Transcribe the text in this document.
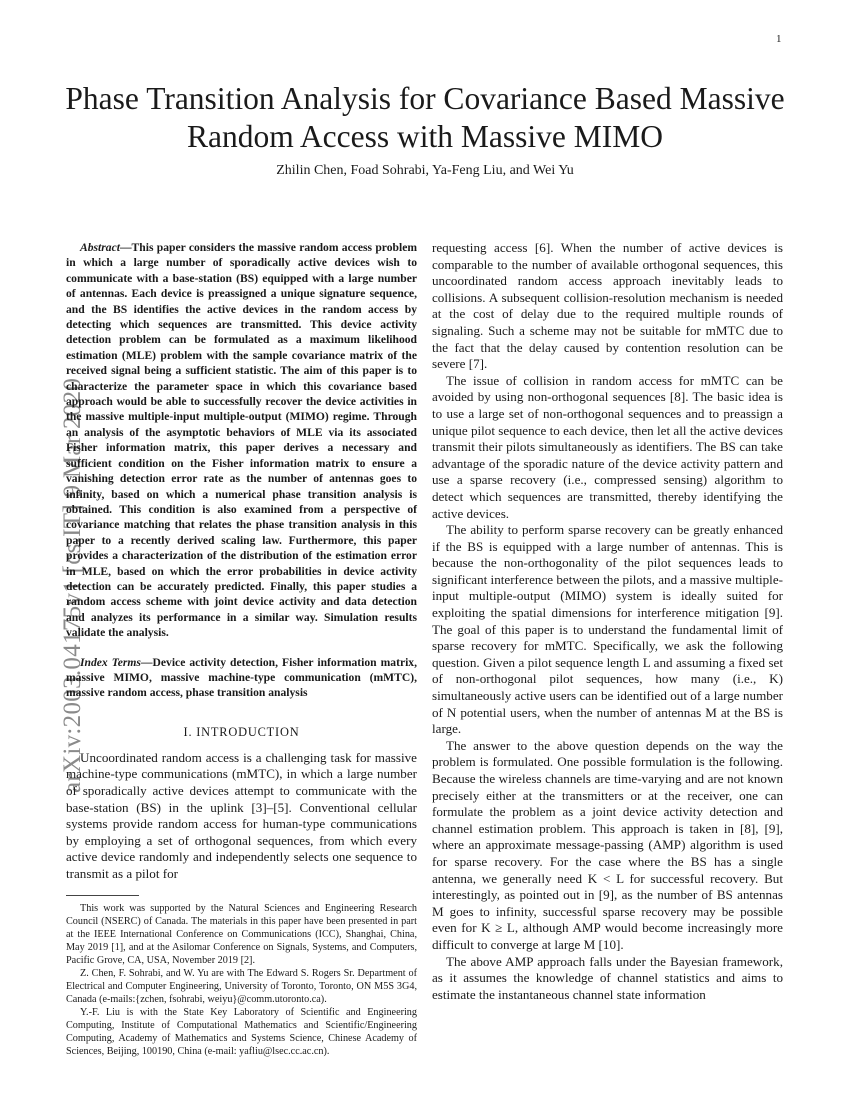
1
arXiv:2003.04175v1 [cs.IT] 9 Mar 2020
Phase Transition Analysis for Covariance Based Massive Random Access with Massive MIMO
Zhilin Chen, Foad Sohrabi, Ya-Feng Liu, and Wei Yu

Abstract—This paper considers the massive random access problem in which a large number of sporadically active devices wish to communicate with a base-station (BS) equipped with a large number of antennas. Each device is preassigned a unique signature sequence, and the BS identifies the active devices in the random access by detecting which sequences are transmitted. This device activity detection problem can be formulated as a maximum likelihood estimation (MLE) problem with the sample covariance matrix of the received signal being a sufficient statistic. The aim of this paper is to characterize the parameter space in which this covariance based approach would be able to successfully recover the device activities in the massive multiple-input multiple-output (MIMO) regime. Through an analysis of the asymptotic behaviors of MLE via its associated Fisher information matrix, this paper derives a necessary and sufficient condition on the Fisher information matrix to ensure a vanishing detection error rate as the number of antennas goes to infinity, based on which a numerical phase transition analysis is obtained. This condition is also examined from a perspective of covariance matching that relates the phase transition analysis in this paper to a recently derived scaling law. Furthermore, this paper provides a characterization of the distribution of the estimation error in MLE, based on which the error probabilities in device activity detection can be accurately predicted. Finally, this paper studies a random access scheme with joint device activity and data detection and analyzes its performance in a similar way. Simulation results validate the analysis.

Index Terms—Device activity detection, Fisher information matrix, massive MIMO, massive machine-type communication (mMTC), massive random access, phase transition analysis

I. INTRODUCTION

Uncoordinated random access is a challenging task for massive machine-type communications (mMTC), in which a large number of sporadically active devices attempt to communicate with the base-station (BS) in the uplink [3]–[5]. Conventional cellular systems provide random access for human-type communications by employing a set of orthogonal sequences, from which every active device randomly and independently selects one sequence to transmit as a pilot for

This work was supported by the Natural Sciences and Engineering Research Council (NSERC) of Canada. The materials in this paper have been presented in part at the IEEE International Conference on Communications (ICC), Shanghai, China, May 2019 [1], and at the Asilomar Conference on Signals, Systems, and Computers, Pacific Grove, CA, USA, November 2019 [2].

Z. Chen, F. Sohrabi, and W. Yu are with The Edward S. Rogers Sr. Department of Electrical and Computer Engineering, University of Toronto, Toronto, ON M5S 3G4, Canada (e-mails:{zchen, fsohrabi, weiyu}@comm.utoronto.ca).

Y.-F. Liu is with the State Key Laboratory of Scientific and Engineering Computing, Institute of Computational Mathematics and Scientific/Engineering Computing, Academy of Mathematics and Systems Science, Chinese Academy of Sciences, Beijing, 100190, China (e-mail: yafliu@lsec.cc.ac.cn).

requesting access [6]. When the number of active devices is comparable to the number of available orthogonal sequences, this uncoordinated random access approach inevitably leads to collisions. A subsequent collision-resolution mechanism is needed at the cost of delay due to the required multiple rounds of signaling. Such a scheme may not be suitable for mMTC due to the fact that the delay caused by contention resolution can be severe [7].

The issue of collision in random access for mMTC can be avoided by using non-orthogonal sequences [8]. The basic idea is to use a large set of non-orthogonal sequences and to preassign a unique pilot sequence to each device, then let all the active devices transmit their pilots simultaneously as identifiers. The BS can take advantage of the sporadic nature of the device activity pattern and use a sparse recovery (i.e., compressed sensing) algorithm to detect which sequences are transmitted, thereby identifying the active devices.

The ability to perform sparse recovery can be greatly enhanced if the BS is equipped with a large number of antennas. This is because the non-orthogonality of the pilot sequences leads to significant interference between the pilots, and a massive multiple-input multiple-output (MIMO) system is ideally suited for exploiting the spatial dimensions for interference mitigation [9]. The goal of this paper is to understand the fundamental limit of sparse recovery for mMTC. Specifically, we ask the following question. Given a pilot sequence length L and assuming a fixed set of non-orthogonal pilot sequences, how many (i.e., K) simultaneously active users can be identified out of a large number of N potential users, when the number of antennas M at the BS is large.

The answer to the above question depends on the way the problem is formulated. One possible formulation is the following. Because the wireless channels are time-varying and are not known precisely either at the transmitters or at the receiver, one can formulate the problem as a joint device activity detection and channel estimation problem. This approach is taken in [8], [9], where an approximate message-passing (AMP) algorithm is used for sparse recovery. For the case where the BS has a single antenna, we generally need K < L for successful recovery. But interestingly, as pointed out in [9], as the number of BS antennas M goes to infinity, successful sparse recovery may be possible even for K ≥ L, although AMP would become increasingly more difficult to converge at large M [10].

The above AMP approach falls under the Bayesian framework, as it assumes the knowledge of channel statistics and aims to estimate the instantaneous channel state information
